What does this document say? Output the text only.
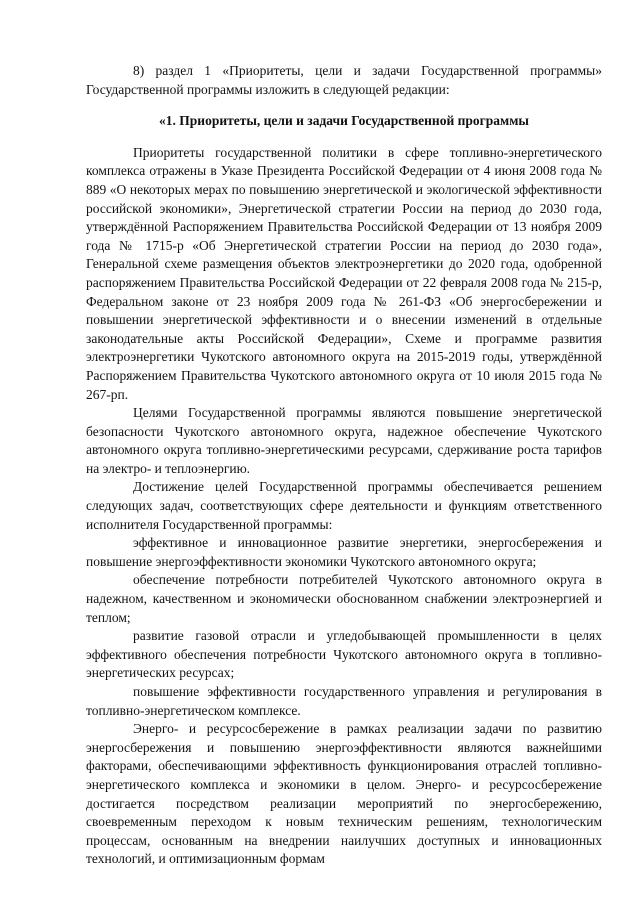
8) раздел 1 «Приоритеты, цели и задачи Государственной программы» Государственной программы изложить в следующей редакции:

«1. Приоритеты, цели и задачи Государственной программы

Приоритеты государственной политики в сфере топливно-энергетического комплекса отражены в Указе Президента Российской Федерации от 4 июня 2008 года № 889 «О некоторых мерах по повышению энергетической и экологической эффективности российской экономики», Энергетической стратегии России на период до 2030 года, утверждённой Распоряжением Правительства Российской Федерации от 13 ноября 2009 года № 1715-р «Об Энергетической стратегии России на период до 2030 года», Генеральной схеме размещения объектов электроэнергетики до 2020 года, одобренной распоряжением Правительства Российской Федерации от 22 февраля 2008 года № 215-р, Федеральном законе от 23 ноября 2009 года № 261-ФЗ «Об энергосбережении и повышении энергетической эффективности и о внесении изменений в отдельные законодательные акты Российской Федерации», Схеме и программе развития электроэнергетики Чукотского автономного округа на 2015-2019 годы, утверждённой Распоряжением Правительства Чукотского автономного округа от 10 июля 2015 года № 267-рп.

Целями Государственной программы являются повышение энергетической безопасности Чукотского автономного округа, надежное обеспечение Чукотского автономного округа топливно-энергетическими ресурсами, сдерживание роста тарифов на электро- и теплоэнергию.

Достижение целей Государственной программы обеспечивается решением следующих задач, соответствующих сфере деятельности и функциям ответственного исполнителя Государственной программы:

эффективное и инновационное развитие энергетики, энергосбережения и повышение энергоэффективности экономики Чукотского автономного округа;

обеспечение потребности потребителей Чукотского автономного округа в надежном, качественном и экономически обоснованном снабжении электроэнергией и теплом;

развитие газовой отрасли и угледобывающей промышленности в целях эффективного обеспечения потребности Чукотского автономного округа в топливно-энергетических ресурсах;

повышение эффективности государственного управления и регулирования в топливно-энергетическом комплексе.

Энерго- и ресурсосбережение в рамках реализации задачи по развитию энергосбережения и повышению энергоэффективности являются важнейшими факторами, обеспечивающими эффективность функционирования отраслей топливно-энергетического комплекса и экономики в целом. Энерго- и ресурсосбережение достигается посредством реализации мероприятий по энергосбережению, своевременным переходом к новым техническим решениям, технологическим процессам, основанным на внедрении наилучших доступных и инновационных технологий, и оптимизационным формам
